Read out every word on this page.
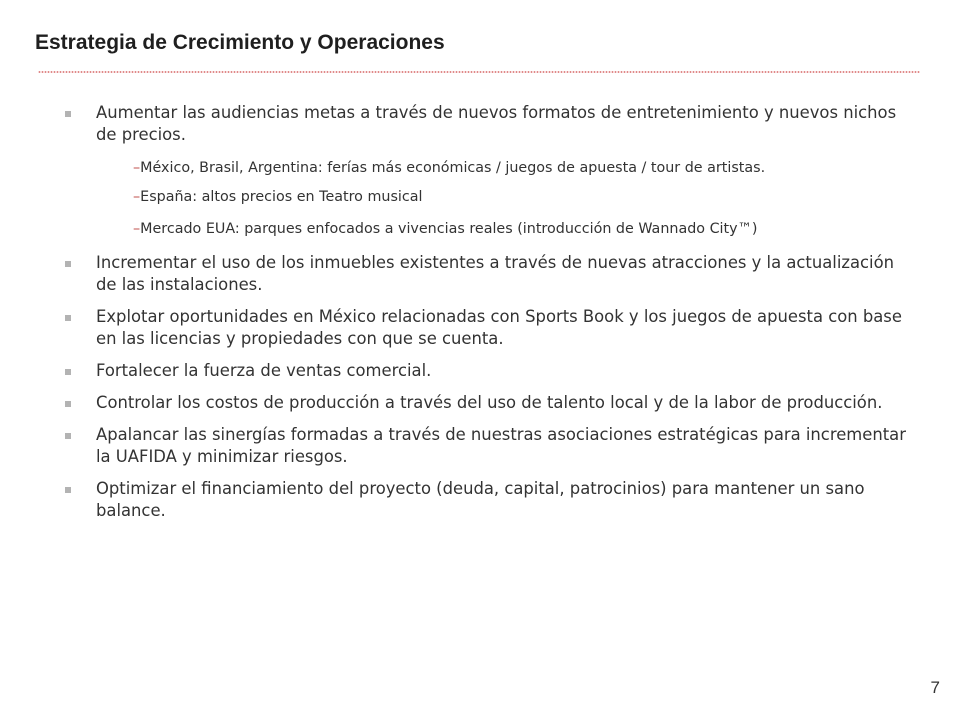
Estrategia de Crecimiento y Operaciones
Aumentar las audiencias metas a través de nuevos formatos de entretenimiento y nuevos nichos de precios.
–México, Brasil, Argentina: ferías más económicas / juegos de apuesta / tour de artistas.
–España: altos precios en Teatro musical
–Mercado EUA: parques enfocados a vivencias reales (introducción de Wannado City™)
Incrementar el uso de los inmuebles existentes a través de nuevas atracciones y la actualización de las instalaciones.
Explotar oportunidades en México relacionadas con Sports Book y los juegos de apuesta con base en las licencias y propiedades con que se cuenta.
Fortalecer la fuerza de ventas comercial.
Controlar los costos de producción a través del uso de talento local y de la labor de producción.
Apalancar las sinergías formadas a través de nuestras asociaciones estratégicas para incrementar la UAFIDA y minimizar riesgos.
Optimizar el financiamiento del proyecto (deuda, capital, patrocinios) para mantener un sano balance.
7
